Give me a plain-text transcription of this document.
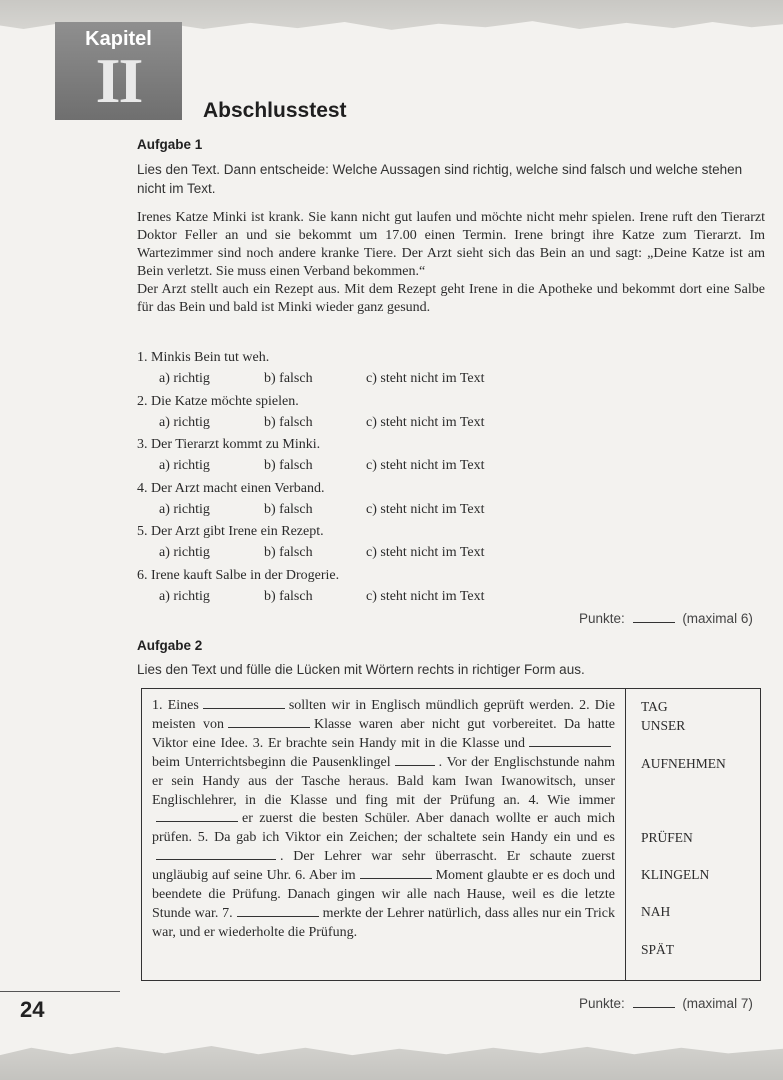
Kapitel
II	Abschlusstest
Aufgabe 1
Lies den Text. Dann entscheide: Welche Aussagen sind richtig, welche sind falsch und welche stehen nicht im Text.
Irenes Katze Minki ist krank. Sie kann nicht gut laufen und möchte nicht mehr spielen. Irene ruft den Tierarzt Doktor Feller an und sie bekommt um 17.00 einen Termin. Irene bringt ihre Katze zum Tierarzt. Im Wartezimmer sind noch andere kranke Tiere. Der Arzt sieht sich das Bein an und sagt: „Deine Katze ist am Bein verletzt. Sie muss einen Verband bekommen.“
Der Arzt stellt auch ein Rezept aus. Mit dem Rezept geht Irene in die Apotheke und bekommt dort eine Salbe für das Bein und bald ist Minki wieder ganz gesund.
1. Minkis Bein tut weh.
a) richtig	b) falsch	c) steht nicht im Text
2. Die Katze möchte spielen.
a) richtig	b) falsch	c) steht nicht im Text
3. Der Tierarzt kommt zu Minki.
a) richtig	b) falsch	c) steht nicht im Text
4. Der Arzt macht einen Verband.
a) richtig	b) falsch	c) steht nicht im Text
5. Der Arzt gibt Irene ein Rezept.
a) richtig	b) falsch	c) steht nicht im Text
6. Irene kauft Salbe in der Drogerie.
a) richtig	b) falsch	c) steht nicht im Text
Punkte:	(maximal 6)
Aufgabe 2
Lies den Text und fülle die Lücken mit Wörtern rechts in richtiger Form aus.
1. Eines	sollten wir in Englisch mündlich geprüft werden. 2. Die meisten von	Klasse waren aber nicht gut vorbereitet. Da hatte Viktor eine Idee. 3. Er brachte sein Handy mit in die Klasse undbeim Unterrichtsbeginn die Pausenklingel	. Vor der Englischstunde nahm er sein Handy aus der Tasche heraus. Bald kam Iwan Iwanowitsch, unser Englischlehrer, in die Klasse und fing mit der Prüfung an. 4. Wie immerer zuerst die besten Schüler. Aber danach wollte er auch mich prüfen. 5. Da gab ich Viktor ein Zeichen; der schaltete sein Handy ein und es. Der Lehrer war sehr überrascht. Er schaute zuerst ungläubig auf seine Uhr. 6. Aber im	Moment glaubte er es doch und beendete die Prüfung. Danach gingen wir alle nach Hause, weil es die letzte Stunde war. 7.	merkte der Lehrer natürlich, dass alles nur ein Trick war, und er wiederholte die Prüfung.
TAG
UNSER
AUFNEHMEN
PRÜFEN
KLINGELN
NAH
SPÄT
Punkte:	(maximal 7)
24
